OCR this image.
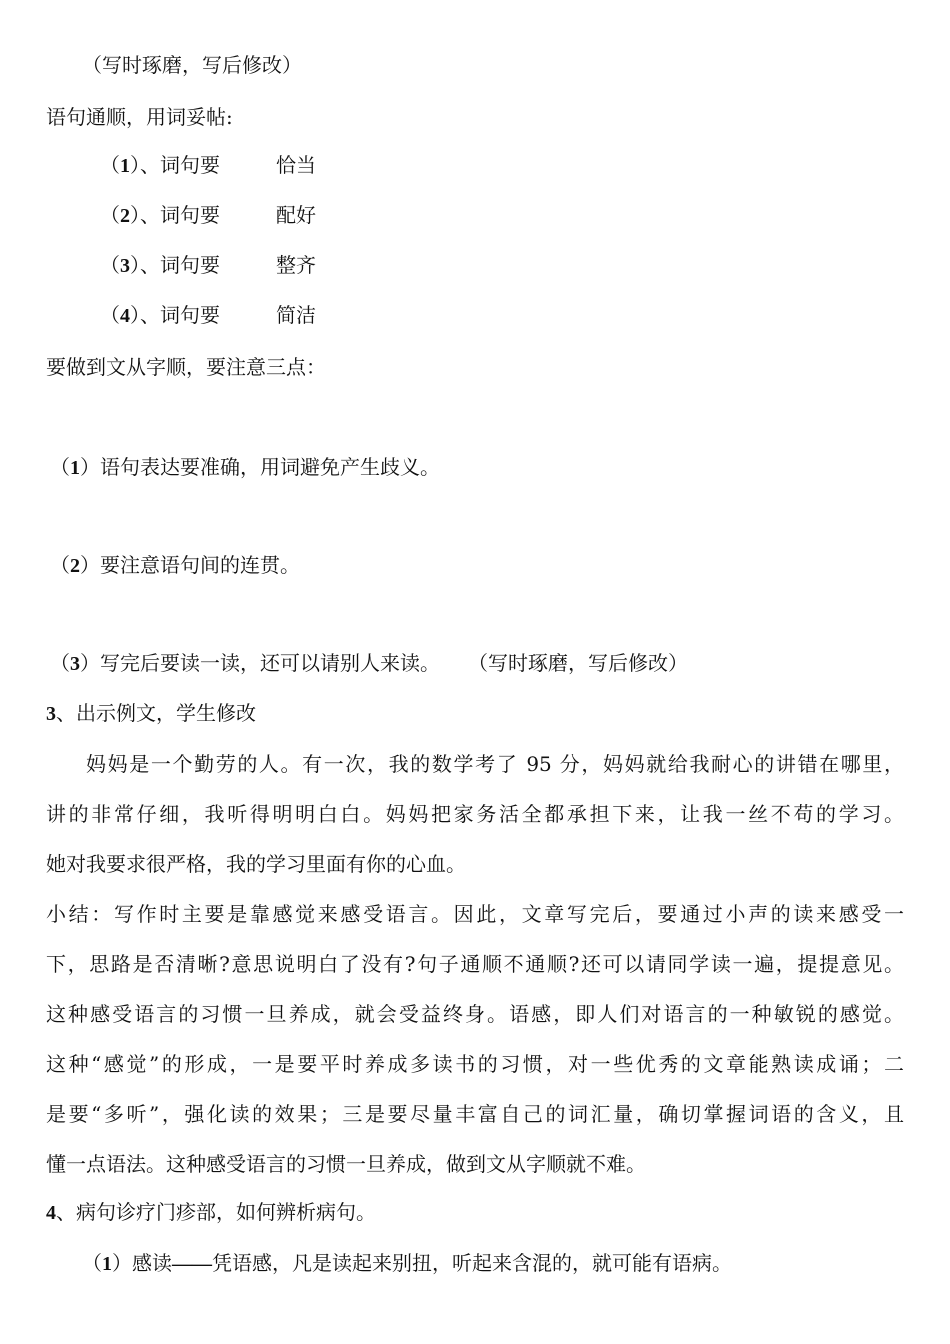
（写时琢磨，写后修改）
语句通顺，用词妥帖:
（1）、词句要	恰当
（2）、词句要	配好
（3）、词句要	整齐
（4）、词句要	简洁
要做到文从字顺，要注意三点：
（1）语句表达要准确，用词避免产生歧义。
（2）要注意语句间的连贯。
（3）写完后要读一读，还可以请别人来读。 （写时琢磨，写后修改）
3、出示例文，学生修改
妈妈是一个勤劳的人。有一次，我的数学考了 95 分，妈妈就给我耐心的讲错在哪里，
讲的非常仔细，我听得明明白白。妈妈把家务活全都承担下来，让我一丝不苟的学习。
她对我要求很严格，我的学习里面有你的心血。
小结：写作时主要是靠感觉来感受语言。因此，文章写完后，要通过小声的读来感受一
下，思路是否清晰?意思说明白了没有?句子通顺不通顺?还可以请同学读一遍，提提意见。
这种感受语言的习惯一旦养成，就会受益终身。语感，即人们对语言的一种敏锐的感觉。
这种“感觉”的形成，一是要平时养成多读书的习惯，对一些优秀的文章能熟读成诵；二
是要“多听”，强化读的效果；三是要尽量丰富自己的词汇量，确切掌握词语的含义，且
懂一点语法。这种感受语言的习惯一旦养成，做到文从字顺就不难。
4、病句诊疗门疹部，如何辨析病句。
（1）感读——凭语感，凡是读起来别扭，听起来含混的，就可能有语病。
